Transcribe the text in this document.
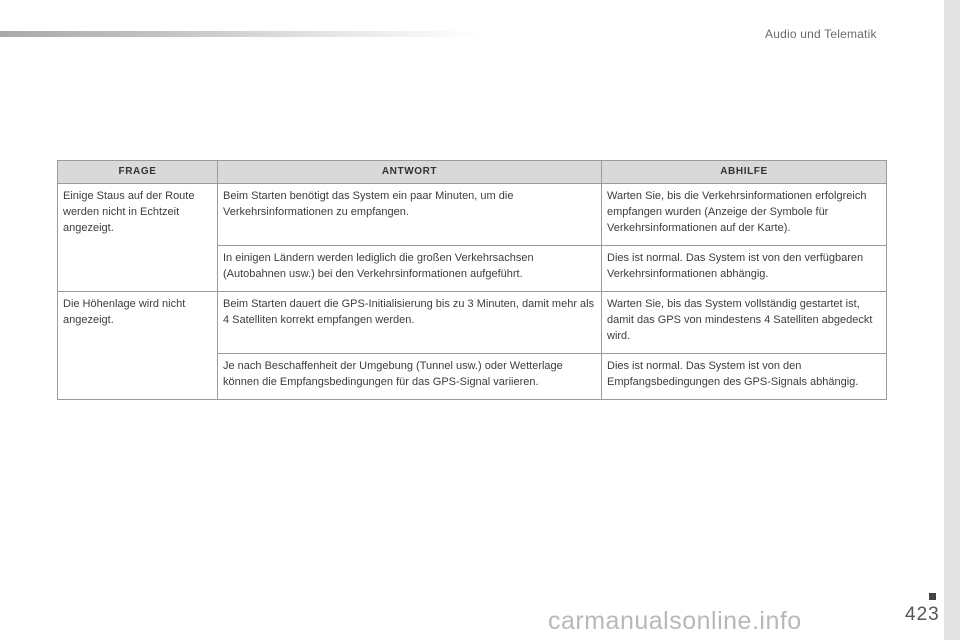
Audio und Telematik
FRAGE	ANTWORT	ABHILFE
Einige Staus auf der Route werden nicht in Echtzeit angezeigt.	Beim Starten benötigt das System ein paar Minuten, um die Verkehrsinformationen zu empfangen.	Warten Sie, bis die Verkehrsinformationen erfolgreich empfangen wurden (Anzeige der Symbole für Verkehrsinformationen auf der Karte).
	In einigen Ländern werden lediglich die großen Verkehrsachsen (Autobahnen usw.) bei den Verkehrsinformationen aufgeführt.	Dies ist normal. Das System ist von den verfügbaren Verkehrsinformationen abhängig.
Die Höhenlage wird nicht angezeigt.	Beim Starten dauert die GPS-Initialisierung bis zu 3 Minuten, damit mehr als 4 Satelliten korrekt empfangen werden.	Warten Sie, bis das System vollständig gestartet ist, damit das GPS von mindestens 4 Satelliten abgedeckt wird.
	Je nach Beschaffenheit der Umgebung (Tunnel usw.) oder Wetterlage können die Empfangsbedingungen für das GPS-Signal variieren.	Dies ist normal. Das System ist von den Empfangsbedingungen des GPS-Signals abhängig.
423
carmanualsonline.info
